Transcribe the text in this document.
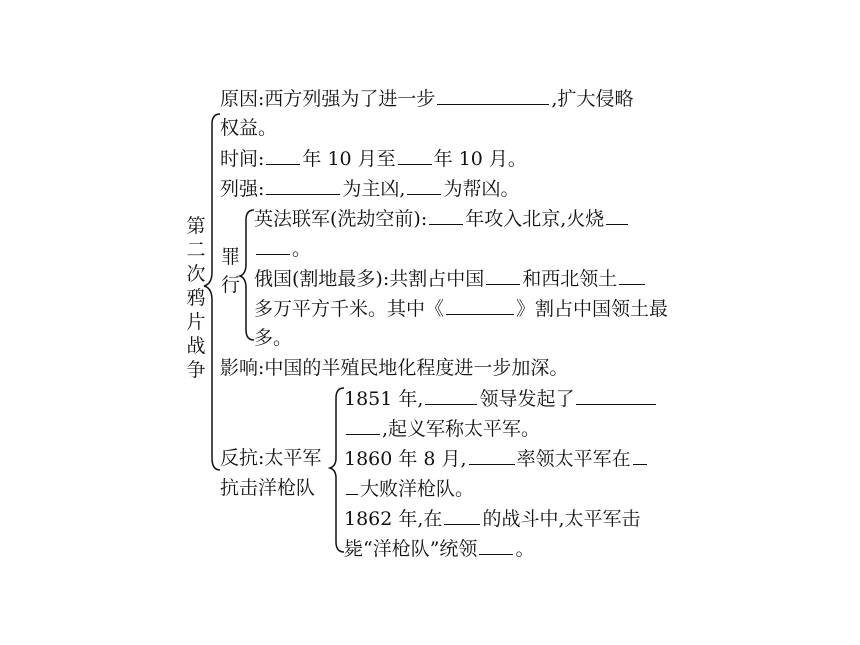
第
二
次
鸦
片
战
争
罪
行
原因:西方列强为了进一步	,扩大侵略
权益。
时间: 年 10 月至 年 10 月。
列强:	为主凶, 为帮凶。
英法联军(洗劫空前): 年攻入北京,火烧
。
俄国(割地最多):共割占中国 和西北领土
多万平方千米。其中《	》割占中国领土最
多。
影响:中国的半殖民地化程度进一步加深。
反抗:太平军
抗击洋枪队
1851 年,	领导发起了
,起义军称太平军。
1860 年 8 月,	率领太平军在
大败洋枪队。
1862 年,在 的战斗中,太平军击
毙“洋枪队”统领 。
